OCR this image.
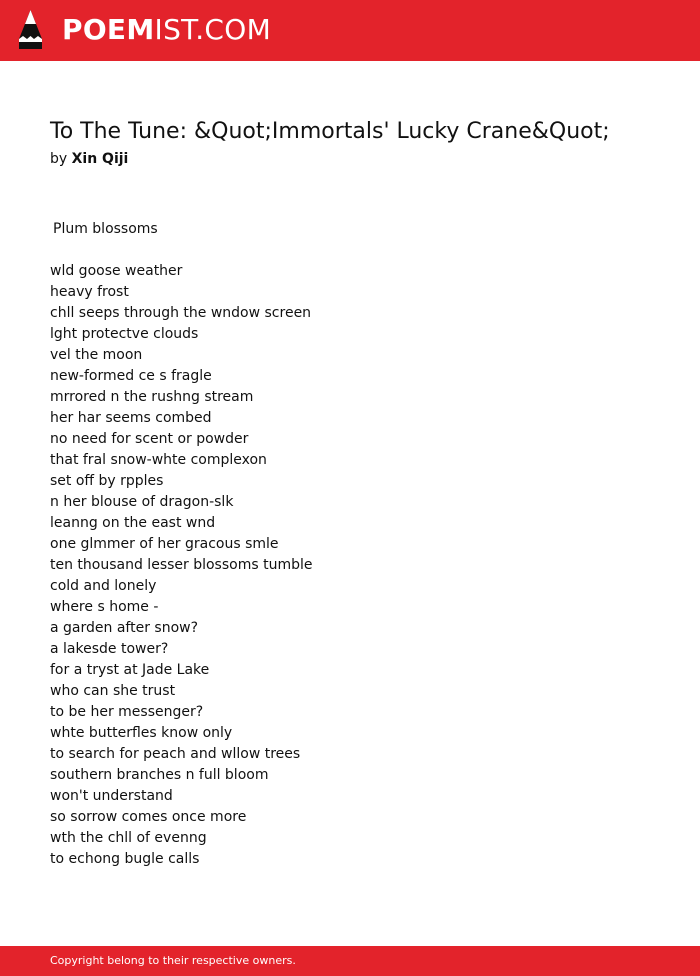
POEMIST.COM
To The Tune: &Quot;Immortals' Lucky Crane&Quot;
by Xin Qiji
Plum blossoms
wld goose weather
heavy frost
chll seeps through the wndow screen
lght protectve clouds
vel the moon
new-formed ce s fragle
mrrored n the rushng stream
her har seems combed
no need for scent or powder
that fral snow-whte complexon
set off by rpples
n her blouse of dragon-slk
leanng on the east wnd
one glmmer of her gracous smle
ten thousand lesser blossoms tumble
cold and lonely
where s home -
a garden after snow?
a lakesde tower?
for a tryst at Jade Lake
who can she trust
to be her messenger?
whte butterfles know only
to search for peach and wllow trees
southern branches n full bloom
won't understand
so sorrow comes once more
wth the chll of evenng
to echong bugle calls
Copyright belong to their respective owners.
